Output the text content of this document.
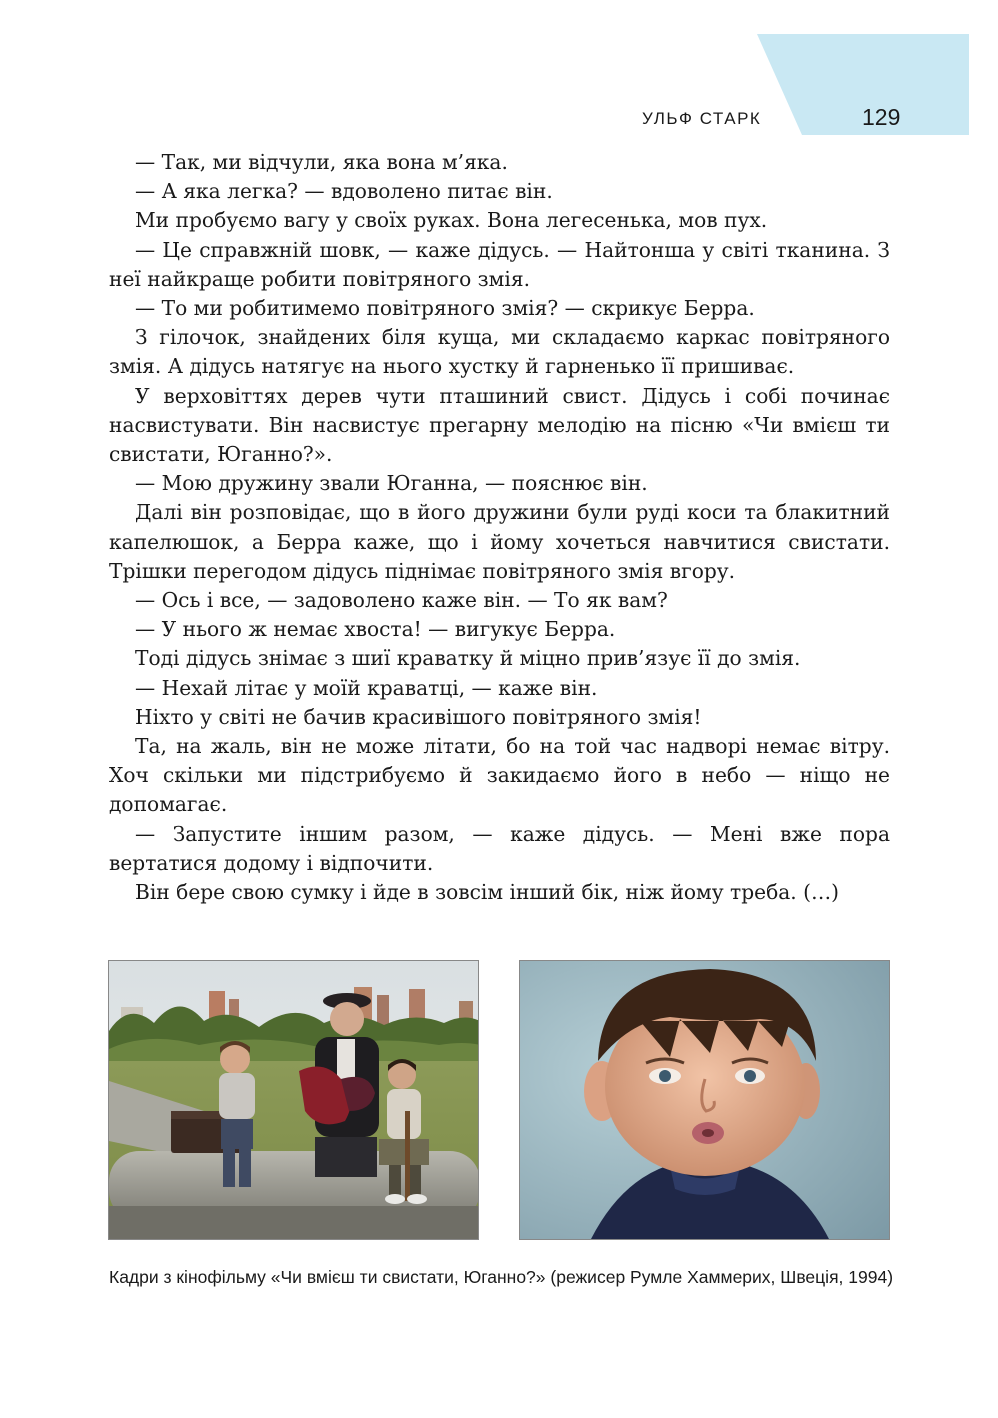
УЛЬФ СТАРК	129

— Так, ми відчули, яка вона м’яка.

— А яка легка? — вдоволено питає він.

Ми пробуємо вагу у своїх руках. Вона легесенька, мов пух.

— Це справжній шовк, — каже дідусь. — Найтонша у світі тканина. З неї найкраще робити повітряного змія.

— То ми робитимемо повітряного змія? — скрикує Берра.

З гілочок, знайдених біля куща, ми складаємо каркас повітряного змія. А дідусь натягує на нього хустку й гарненько її пришиває.

У верховіттях дерев чути пташиний свист. Дідусь і собі починає насвистувати. Він насвистує прегарну мелодію на пісню «Чи вмієш ти свистати, Юганно?».

— Мою дружину звали Юганна, — пояснює він.

Далі він розповідає, що в його дружини були руді коси та блакитний капелюшок, а Берра каже, що і йому хочеться навчитися свистати. Трішки перегодом дідусь піднімає повітряного змія вгору.

— Ось і все, — задоволено каже він. — То як вам?

— У нього ж немає хвоста! — вигукує Берра.

Тоді дідусь знімає з шиї краватку й міцно прив’язує її до змія.

— Нехай літає у моїй краватці, — каже він.

Ніхто у світі не бачив красивішого повітряного змія!

Та, на жаль, він не може літати, бо на той час надворі немає вітру. Хоч скільки ми підстрибуємо й закидаємо його в небо — ніщо не допомагає.

— Запустите іншим разом, — каже дідусь. — Мені вже пора вертатися додому і відпочити.

Він бере свою сумку і йде в зовсім інший бік, ніж йому треба. (…)

Кадри з кінофільму «Чи вмієш ти свистати, Юганно?» (режисер Румле Хаммерих, Швеція, 1994)
